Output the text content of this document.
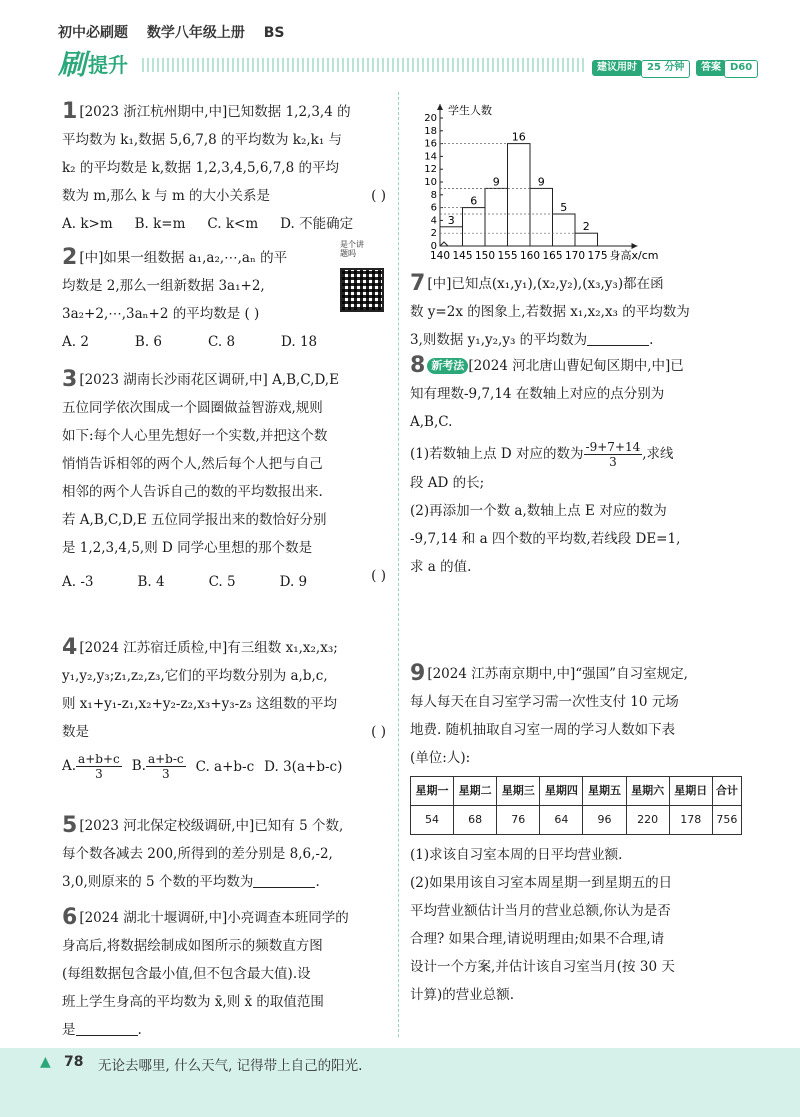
初中必刷题 数学八年级上册 BS
刷 提升	建议用时	25 分钟	答案 D60
1 [2023 浙江杭州期中,中]已知数据 1,2,3,4 的
平均数为 k₁,数据 5,6,7,8 的平均数为 k₂,k₁ 与
k₂ 的平均数是 k,数据 1,2,3,4,5,6,7,8 的平均
数为 m,那么 k 与 m 的大小关系是	( )
A. k>m B. k=m C. k<m D. 不能确定
2 [中]如果一组数据 a₁,a₂,⋯,aₙ 的平
均数是 2,那么一组新数据 3a₁+2,
3a₂+2,⋯,3aₙ+2 的平均数是 ( )
A. 2	B. 6	C. 8	D. 18
是个讲题吗
3 [2023 湖南长沙雨花区调研,中] A,B,C,D,E
五位同学依次围成一个圆圈做益智游戏,规则
如下:每个人心里先想好一个实数,并把这个数
悄悄告诉相邻的两个人,然后每个人把与自己
相邻的两个人告诉自己的数的平均数报出来.
若 A,B,C,D,E 五位同学报出来的数恰好分别
是 1,2,3,4,5,则 D 同学心里想的那个数是
( )
A. -3	B. 4	C. 5	D. 9
4 [2024 江苏宿迁质检,中]有三组数 x₁,x₂,x₃;
y₁,y₂,y₃;z₁,z₂,z₃,它们的平均数分别为 a,b,c,
则 x₁+y₁-z₁,x₂+y₂-z₂,x₃+y₃-z₃ 这组数的平均
数是	( )
A. $\frac{a+b+c}{3} B$. $\frac{a+b-c}{3} C$. a+b-c D. 3(a+b-c)
5 [2023 河北保定校级调研,中]已知有 5 个数,
每个数各减去 200,所得到的差分别是 8,6,-2,
3,0,则原来的 5 个数的平均数为	.
6 [2024 湖北十堰调研,中]小亮调查本班同学的
身高后,将数据绘制成如图所示的频数直方图
(每组数据包含最小值,但不包含最大值).设
班上学生身高的平均数为 x̄,则 x̄ 的取值范围
是	.
0
2
4
6
8
10
12
14
16
18
20
3
6
9
16
9
5
2
140 145 150 155 160 165 170 175 身高x/cm
学生人数
7 [中]已知点(x₁,y₁),(x₂,y₂),(x₃,y₃)都在函
数 y=2x 的图象上,若数据 x₁,x₂,x₃ 的平均数为
3,则数据 y₁,y₂,y₃ 的平均数为	.
8 新考法 [2024 河北唐山曹妃甸区期中,中]已
知有理数-9,7,14 在数轴上对应的点分别为
A,B,C.
(1)若数轴上点 D 对应的数为 $\frac{-9+7+14}{3}$,求线
段 AD 的长;
(2)再添加一个数 a,数轴上点 E 对应的数为
-9,7,14 和 a 四个数的平均数,若线段 DE=1,
求 a 的值.
9 [2024 江苏南京期中,中]“强国”自习室规定,
每人每天在自习室学习需一次性支付 10 元场
地费. 随机抽取自习室一周的学习人数如下表
(单位:人):
星期一	星期二	星期三	星期四	星期五	星期六	星期日	合计
54	68	76	64	96	220	178	756
(1)求该自习室本周的日平均营业额.
(2)如果用该自习室本周星期一到星期五的日
平均营业额估计当月的营业总额,你认为是否
合理? 如果合理,请说明理由;如果不合理,请
设计一个方案,并估计该自习室当月(按 30 天
计算)的营业总额.
▲ 78 无论去哪里, 什么天气, 记得带上自己的阳光.
